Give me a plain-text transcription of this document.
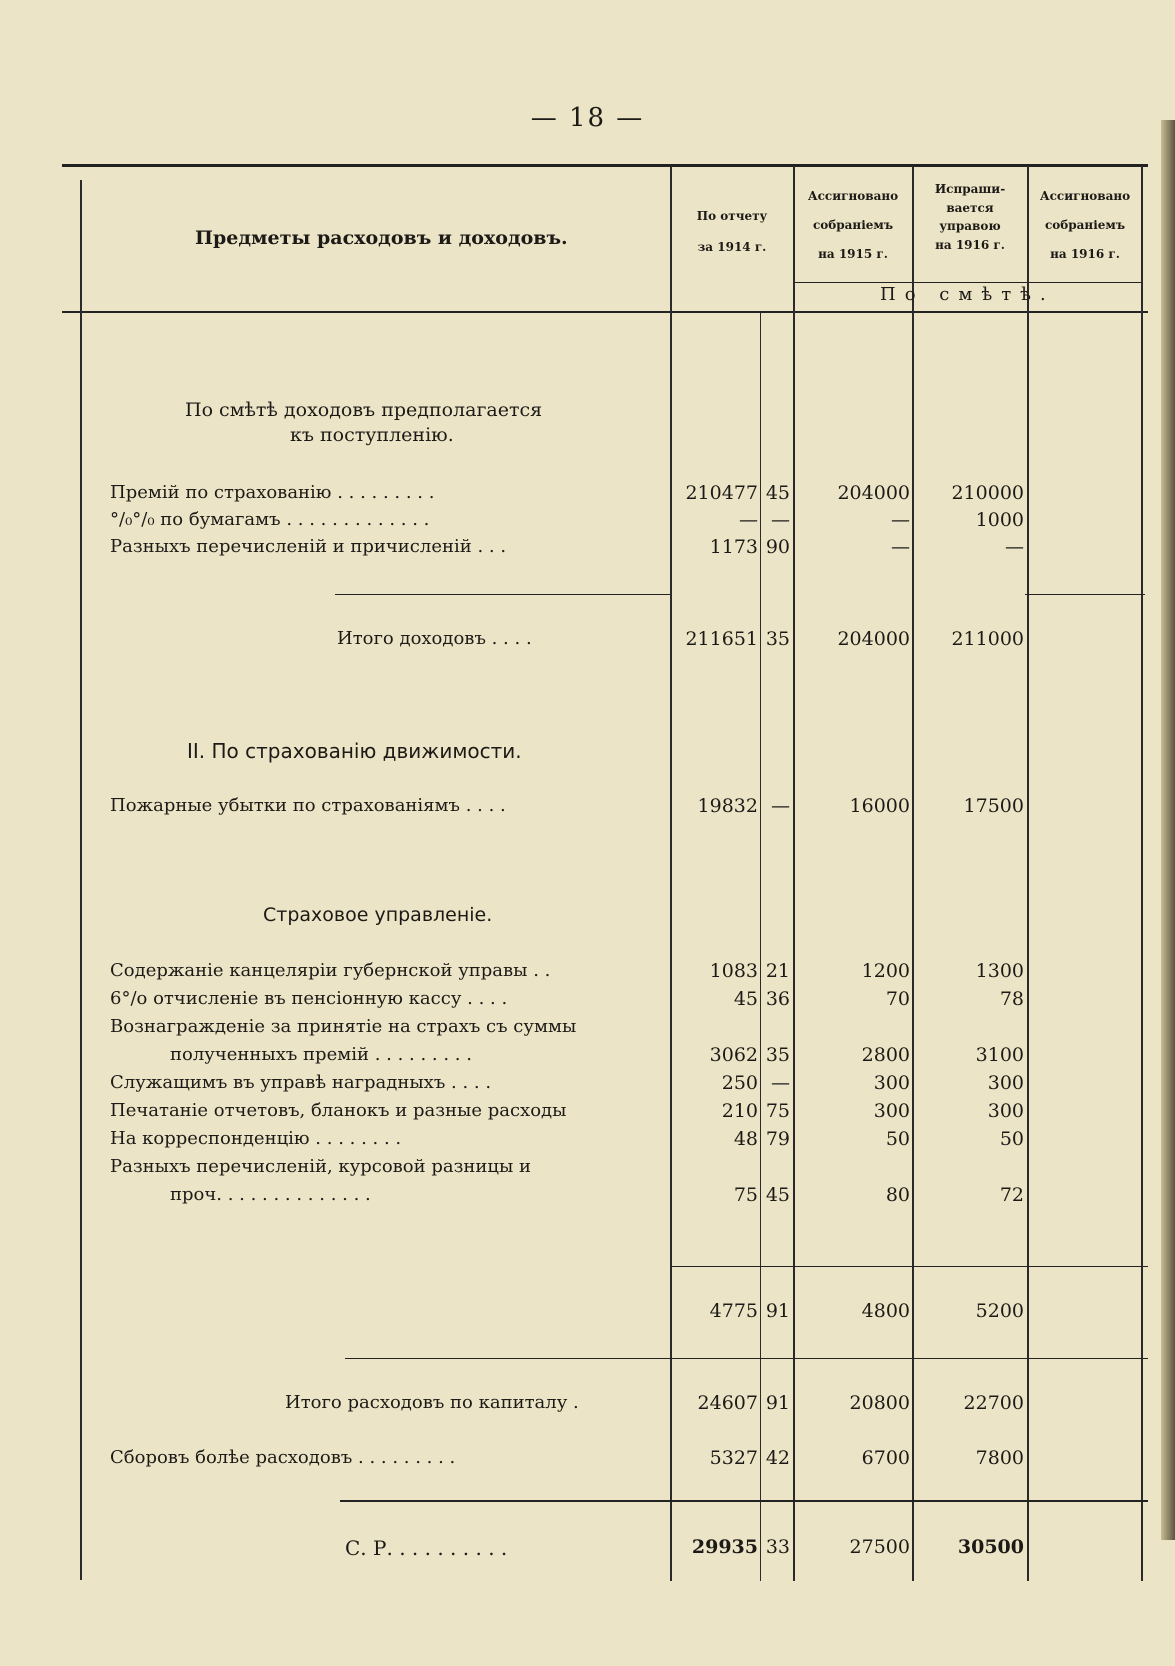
— 18 —
Предметы расходовъ и доходовъ.
По отчету
за 1914 г.
Ассигновано
собраніемъ
на 1915 г.
Испраши-
вается
управою
на 1916 г.
Ассигновано
собраніемъ
на 1916 г.
По смѣтѣ.
По смѣтѣ доходовъ предполагается
къ поступленію.
Премій по страхованію . . . . . . . . .	210477 45	204000	210000
°/₀°/₀ по бумагамъ . . . . . . . . . . . . .	— —	—	1000
Разныхъ перечисленій и причисленій . . .	1173 90	—	—
Итого доходовъ . . . .	211651 35	204000	211000
II. По страхованію движимости.
Пожарные убытки по страхованіямъ . . . .	19832 —	16000	17500
Страховое управленіе.
Содержаніе канцеляріи губернской управы . .	1083 21	1200	1300
6°/о отчисленіе въ пенсіонную кассу . . . .	45 36	70	78
Вознагражденіе за принятіе на страхъ съ суммы
полученныхъ премій . . . . . . . . .	3062 35	2800	3100
Служащимъ въ управѣ наградныхъ . . . .	250 —	300	300
Печатаніе отчетовъ, бланокъ и разные расходы	210 75	300	300
На корреспонденцію . . . . . . . .	48 79	50	50
Разныхъ перечисленій, курсовой разницы и
проч. . . . . . . . . . . . . .	75 45	80	72
4775 91	4800	5200
Итого расходовъ по капиталу .	24607 91	20800	22700
Сборовъ болѣе расходовъ . . . . . . . . .	5327 42	6700	7800
С. Р. . . . . . . . . .	29935 33	27500	30500
